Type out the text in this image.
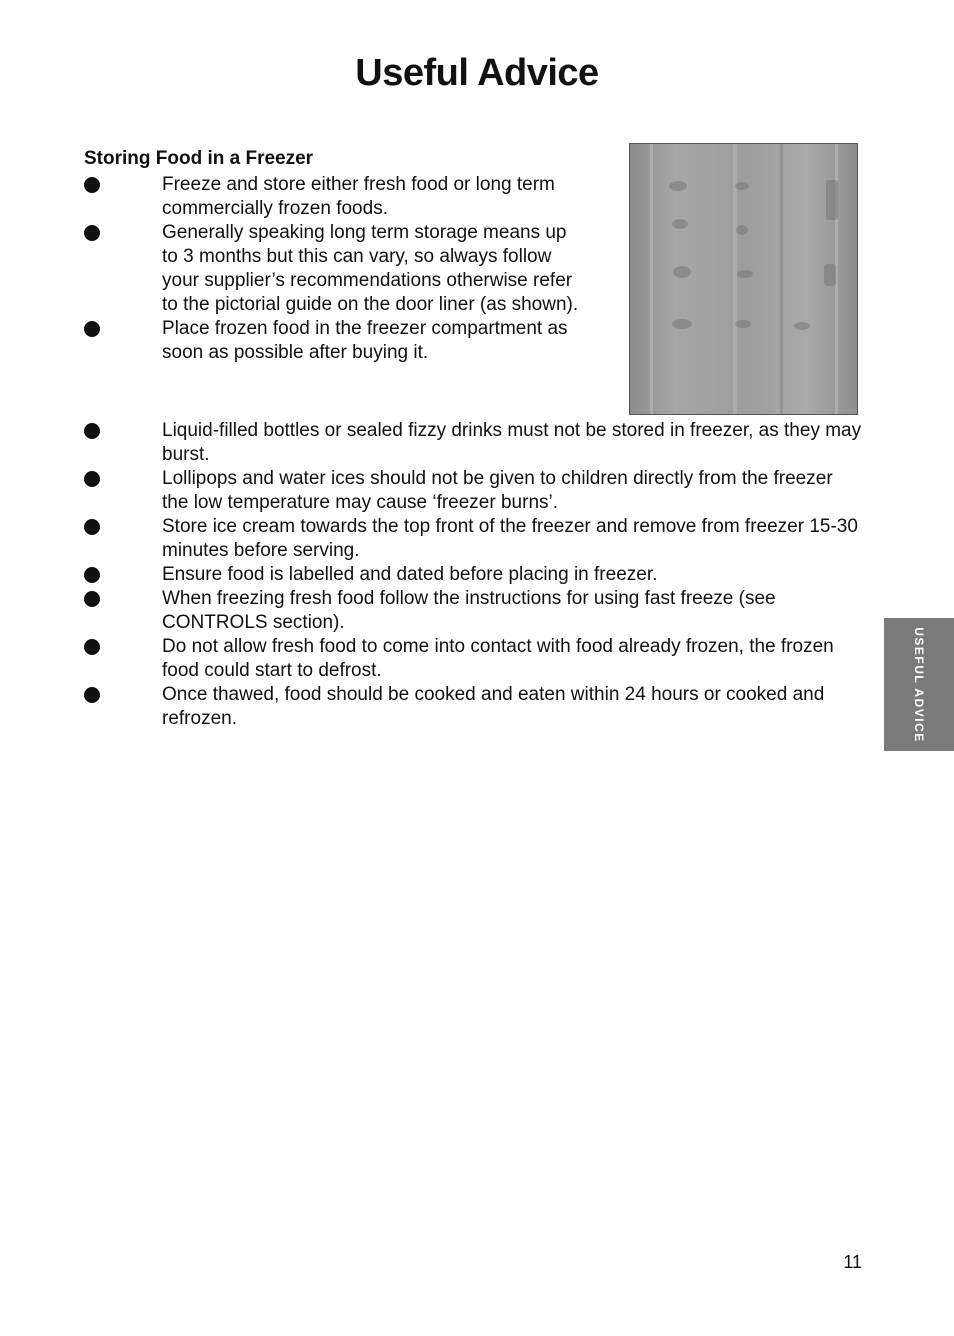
Useful Advice
Storing Food in a Freezer
Freeze and store either fresh food or long term commercially frozen foods.
Generally speaking long term storage means up to 3 months but this can vary, so always follow your supplier’s recommendations otherwise refer to the pictorial guide on the door liner (as shown).
Place frozen food in the freezer compartment as soon as possible after buying it.
Liquid-filled bottles or sealed fizzy drinks must not be stored in freezer, as they may burst.
Lollipops and water ices should not be given to children directly from the freezer the low temperature may cause ‘freezer burns’.
Store ice cream towards the top front of the freezer and remove from freezer 15-30 minutes before serving.
Ensure food is labelled and dated before placing in freezer.
When freezing fresh food follow the instructions for using fast freeze (see CONTROLS section).
Do not allow fresh food to come into contact with food already frozen, the frozen food could start to defrost.
Once thawed, food should be cooked and eaten within 24 hours or cooked and refrozen.	USEFUL ADVICE
11
